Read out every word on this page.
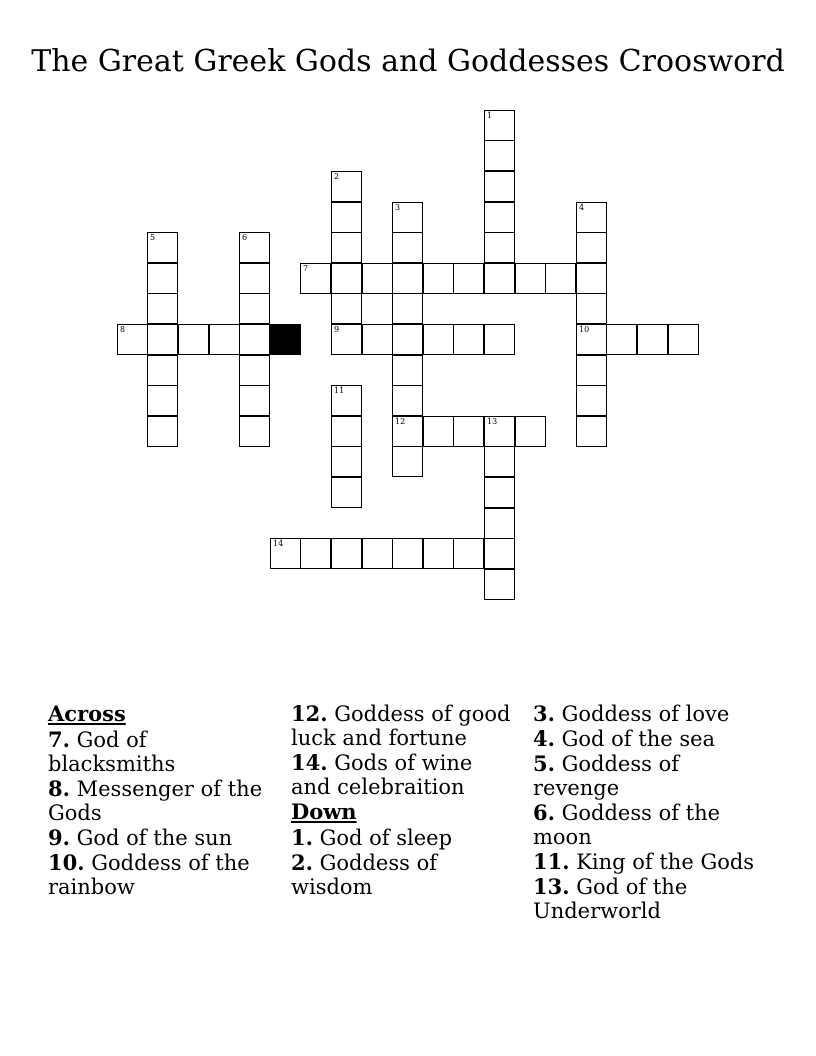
The Great Greek Gods and Goddesses Croosword
1
2
9
3
12
4
10
5	6
7
8
11
13
14
Across
7. God of blacksmiths
8. Messenger of the Gods
9. God of the sun
10. Goddess of the rainbow
12. Goddess of good luck and fortune
14. Gods of wine and celebraition
Down
1. God of sleep
2. Goddess of wisdom
3. Goddess of love
4. God of the sea
5. Goddess of revenge
6. Goddess of the moon
11. King of the Gods
13. God of the Underworld
